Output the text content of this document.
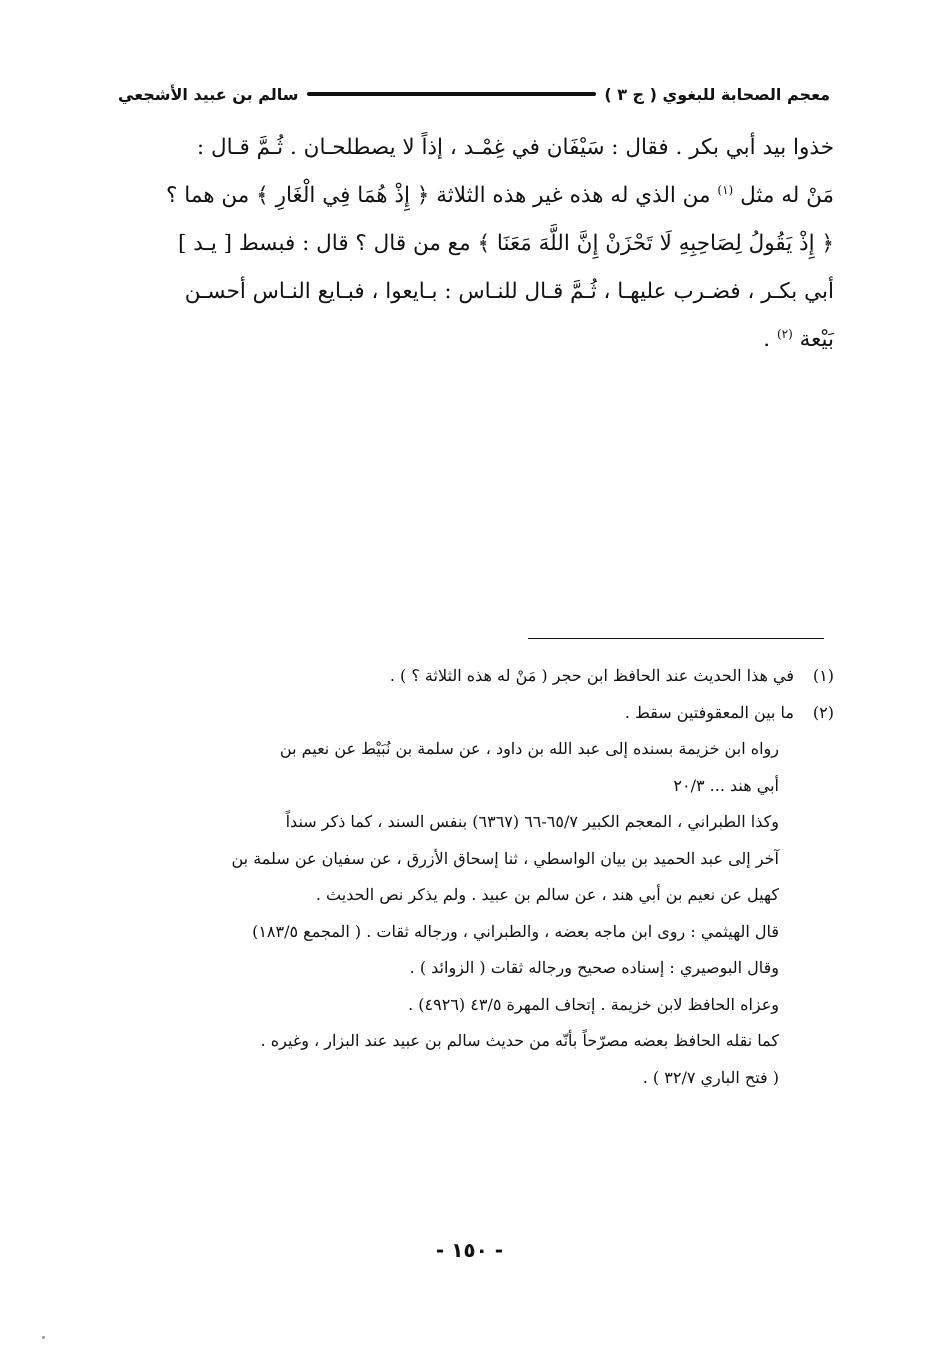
معجم الصحابة للبغوي ( ج ٣ )
سالم بن عبيد الأشجعي

خذوا بيد أبي بكر . فقال : سَيْفَان في غِمْـد ، إذاً لا يصطلحـان . ثُـمَّ قـال :

مَنْ له مثل $^{(١)}$ من الذي له هذه غير هذه الثلاثة ﴿ إِذْ هُمَا فِي الْغَارِ ﴾ من هما ؟

﴿ إِذْ يَقُولُ لِصَاحِبِهِ لَا تَحْزَنْ إِنَّ اللَّهَ مَعَنَا ﴾ مع من قال ؟ قال : فبسط [ يـد ]

أبي بكـر ، فضـرب عليهـا ، ثُـمَّ قـال للنـاس : بـايعوا ، فبـايع النـاس أحسـن

بَيْعة $^{(٢)}$ .

(١)
في هذا الحديث عند الحافظ ابن حجر ( مَنْ له هذه الثلاثة ؟ ) .
(٢)
ما بين المعقوفتين سقط .
رواه ابن خزيمة بسنده إلى عبد الله بن داود ، عن سلمة بن نُبَيْط عن نعيم بن
أبي هند ... ٢٠/٣
وكذا الطبراني ، المعجم الكبير ٦٥/٧-٦٦ (٦٣٦٧) بنفس السند ، كما ذكر سنداً
آخر إلى عبد الحميد بن بيان الواسطي ، ثنا إسحاق الأزرق ، عن سفيان عن سلمة بن
كهيل عن نعيم بن أبي هند ، عن سالم بن عبيد . ولم يذكر نص الحديث .
قال الهيثمي : روى ابن ماجه بعضه ، والطبراني ، ورجاله ثقات . ( المجمع ١٨٣/٥)
وقال البوصيري : إسناده صحيح ورجاله ثقات ( الزوائد ) .
وعزاه الحافظ لابن خزيمة . إتحاف المهرة ٤٣/٥ (٤٩٢٦) .
كما نقله الحافظ بعضه مصرّحاً بأنّه من حديث سالم بن عبيد عند البزار ، وغيره .
( فتح الباري ٣٢/٧ ) .
- ١٥٠ -
